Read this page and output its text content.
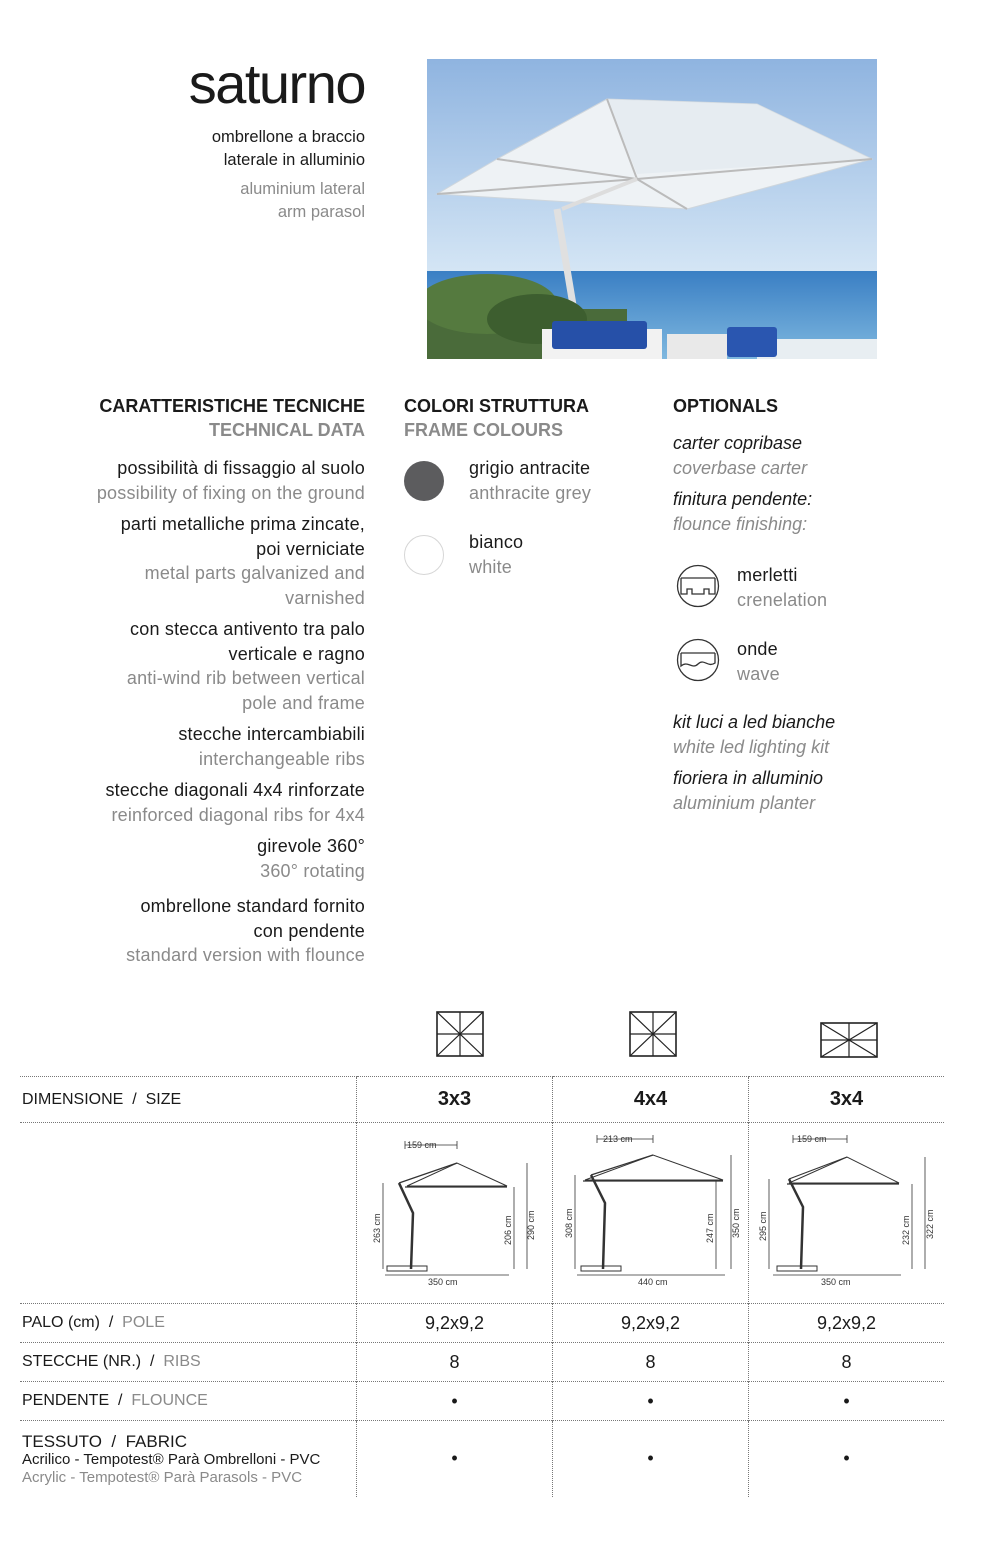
saturno
ombrellone a braccio
laterale in alluminio
aluminium lateral
arm parasol
CARATTERISTICHE TECNICHE
TECHNICAL DATA
possibilità di fissaggio al suolo
possibility of fixing on the ground
parti metalliche prima zincate,
poi verniciate
metal parts galvanized and
varnished
con stecca antivento tra palo
verticale e ragno
anti-wind rib between vertical
pole and frame
stecche intercambiabili
interchangeable ribs
stecche diagonali 4x4 rinforzate
reinforced diagonal ribs for 4x4
girevole 360°
360° rotating
ombrellone standard fornito
con pendente
standard version with flounce
COLORI STRUTTURA
FRAME COLOURS
grigio antracite
anthracite grey
bianco
white
OPTIONALS
carter copribase
coverbase carter
finitura pendente:
flounce finishing:
merletti
crenelation
onde
wave
kit luci a led bianche
white led lighting kit
fioriera in alluminio
aluminium planter
DIMENSIONE  /  SIZE	3x3	4x4	3x4

159 cm
350 cm
263 cm 206 cm 290 cm	213 cm
440 cm
308 cm 247 cm 350 cm	159 cm
350 cm
295 cm 232 cm 322 cm

PALO (cm) / POLE	9,2x9,2	9,2x9,2	9,2x9,2
STECCHE (NR.) / RIBS	8	8	8
PENDENTE / FLOUNCE	•	•	•

TESSUTO  /  FABRIC
Acrilico - Tempotest® Parà Ombrelloni - PVC
Acrylic - Tempotest® Parà Parasols - PVC	•	•	•
